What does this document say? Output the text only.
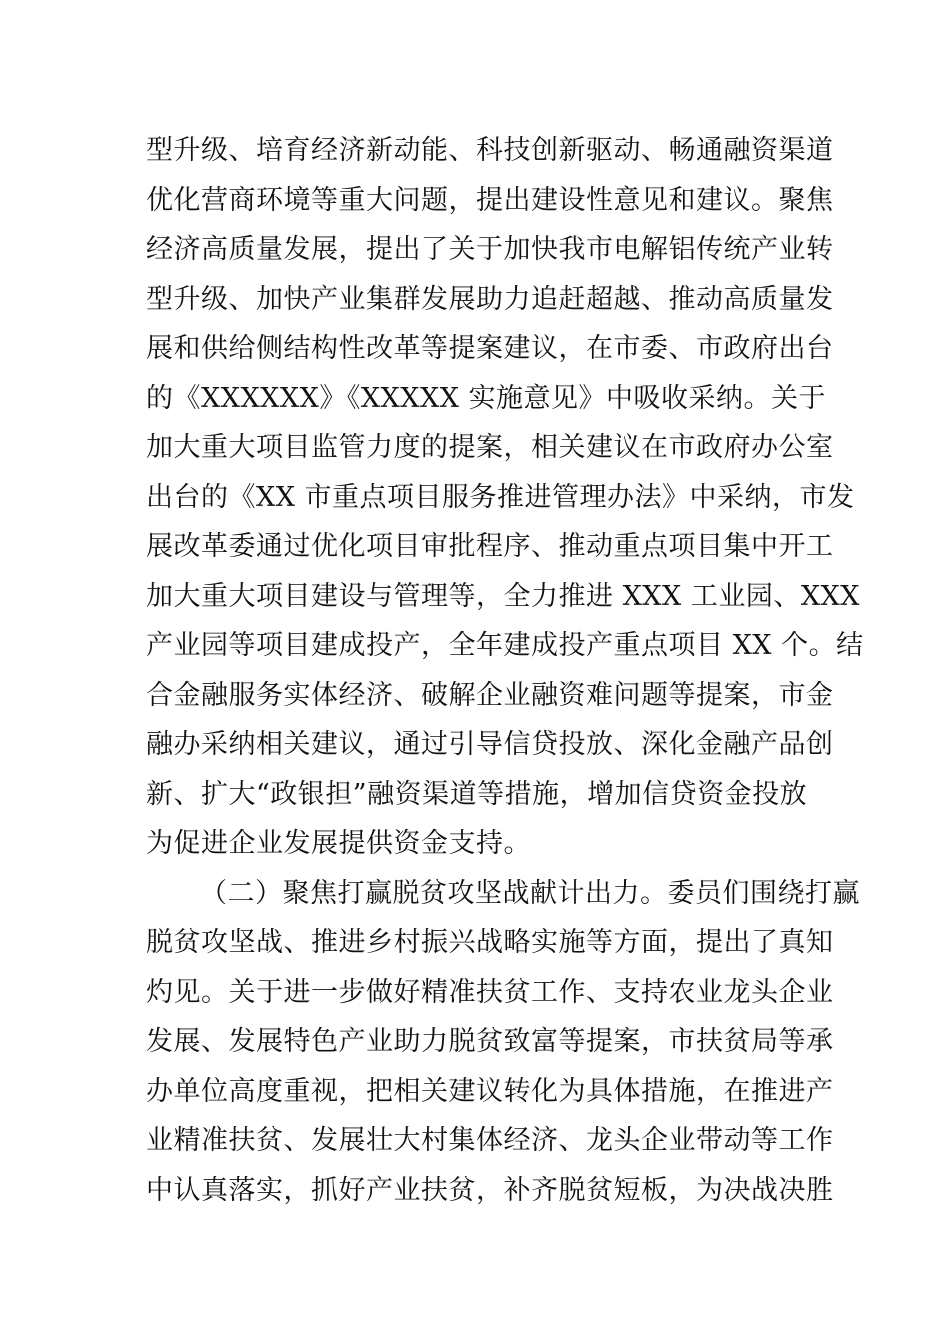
型升级、培育经济新动能、科技创新驱动、畅通融资渠道
优化营商环境等重大问题，提出建设性意见和建议。聚焦
经济高质量发展，提出了关于加快我市电解铝传统产业转
型升级、加快产业集群发展助力追赶超越、推动高质量发
展和供给侧结构性改革等提案建议，在市委、市政府出台
的《XXXXXX》《XXXXX 实施意见》中吸收采纳。关于
加大重大项目监管力度的提案，相关建议在市政府办公室
出台的《XX 市重点项目服务推进管理办法》中采纳，市发
展改革委通过优化项目审批程序、推动重点项目集中开工
加大重大项目建设与管理等，全力推进 XXX 工业园、XXX
产业园等项目建成投产，全年建成投产重点项目 XX 个。结
合金融服务实体经济、破解企业融资难问题等提案，市金
融办采纳相关建议，通过引导信贷投放、深化金融产品创
新、扩大“政银担”融资渠道等措施，增加信贷资金投放
为促进企业发展提供资金支持。
（二）聚焦打赢脱贫攻坚战献计出力。委员们围绕打赢
脱贫攻坚战、推进乡村振兴战略实施等方面，提出了真知
灼见。关于进一步做好精准扶贫工作、支持农业龙头企业
发展、发展特色产业助力脱贫致富等提案，市扶贫局等承
办单位高度重视，把相关建议转化为具体措施，在推进产
业精准扶贫、发展壮大村集体经济、龙头企业带动等工作
中认真落实，抓好产业扶贫，补齐脱贫短板，为决战决胜
